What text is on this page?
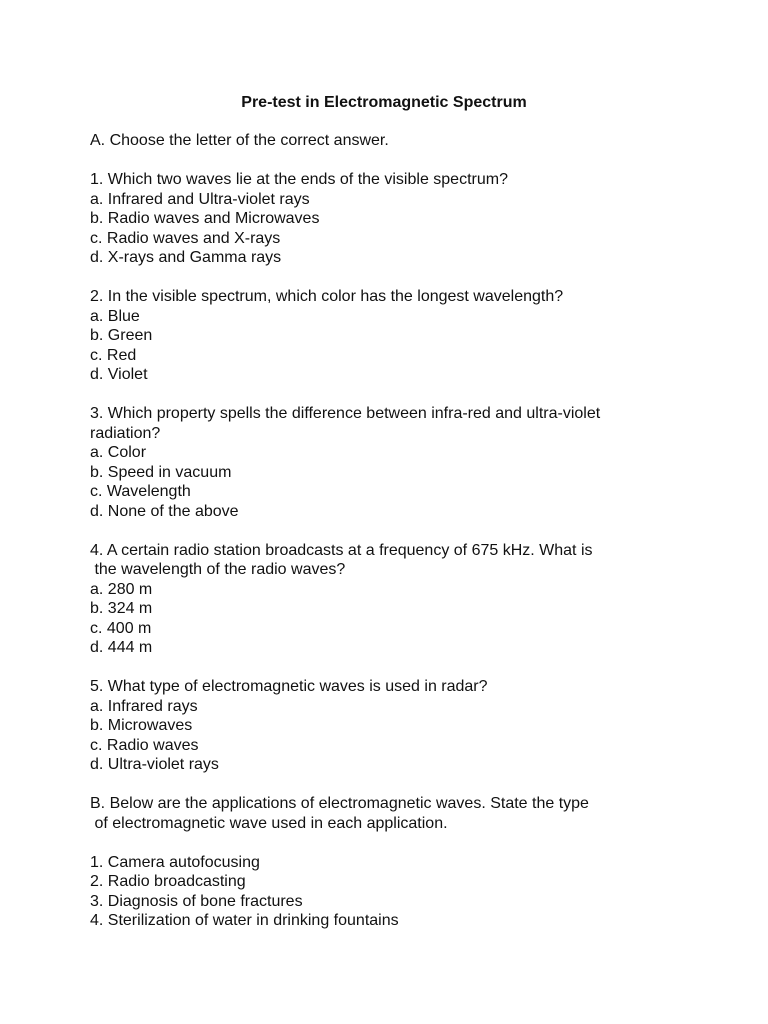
Pre-test in Electromagnetic Spectrum
A. Choose the letter of the correct answer.
1. Which two waves lie at the ends of the visible spectrum?
a. Infrared and Ultra-violet rays
b. Radio waves and Microwaves
c. Radio waves and X-rays
d. X-rays and Gamma rays
2. In the visible spectrum, which color has the longest wavelength?
a. Blue
b. Green
c. Red
d. Violet
3. Which property spells the difference between infra-red and ultra-violet
radiation?
a. Color
b. Speed in vacuum
c. Wavelength
d. None of the above
4. A certain radio station broadcasts at a frequency of 675 kHz. What is
the wavelength of the radio waves?
a. 280 m
b. 324 m
c. 400 m
d. 444 m
5. What type of electromagnetic waves is used in radar?
a. Infrared rays
b. Microwaves
c. Radio waves
d. Ultra-violet rays
B. Below are the applications of electromagnetic waves. State the type
of electromagnetic wave used in each application.
1. Camera autofocusing
2. Radio broadcasting
3. Diagnosis of bone fractures
4. Sterilization of water in drinking fountains
